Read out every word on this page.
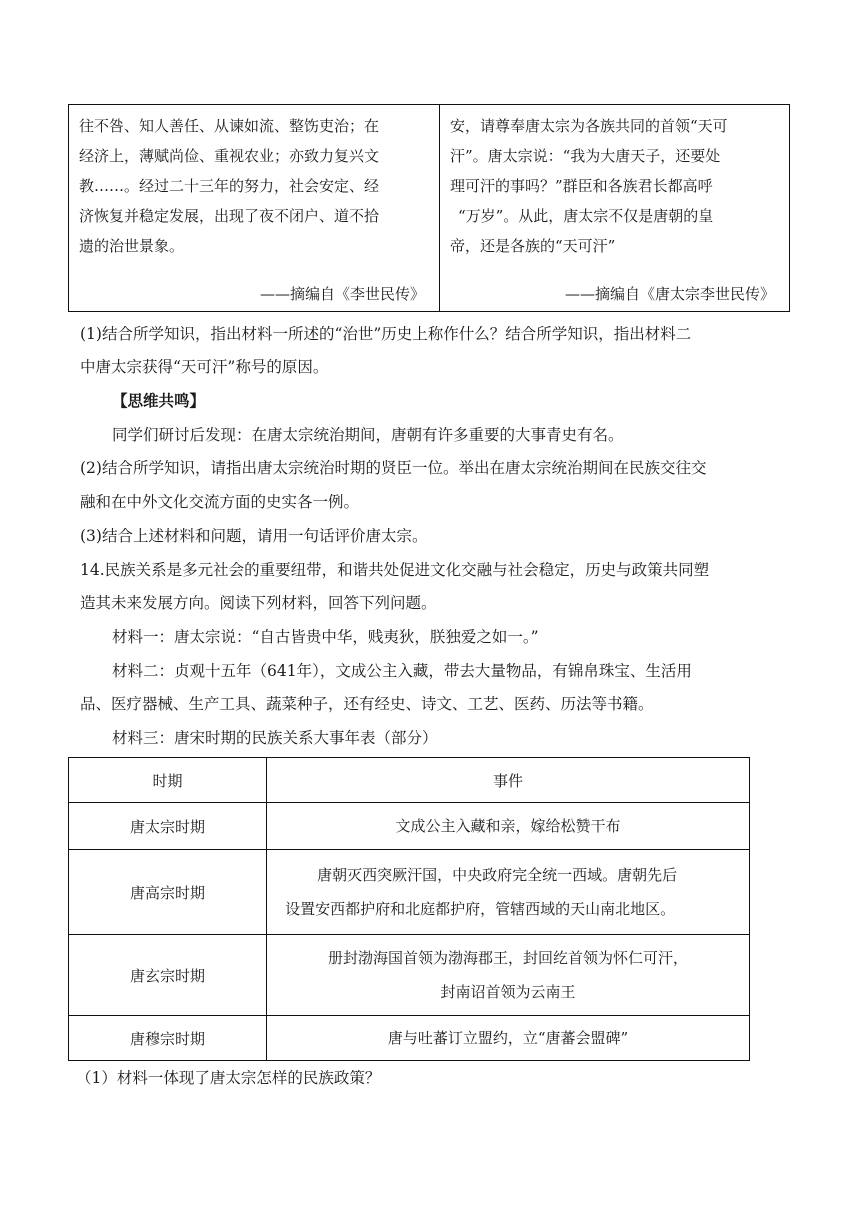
往不咎、知人善任、从谏如流、整饬吏治；在
经济上，薄赋尚俭、重视农业；亦致力复兴文
教……。经过二十三年的努力，社会安定、经
济恢复并稳定发展，出现了夜不闭户、道不拾
遗的治世景象。
——摘编自《李世民传》
安，请尊奉唐太宗为各族共同的首领“天可
汗”。唐太宗说：“我为大唐天子，还要处
理可汗的事吗？”群臣和各族君长都高呼
“万岁”。从此，唐太宗不仅是唐朝的皇
帝，还是各族的“天可汗”
——摘编自《唐太宗李世民传》
(1)结合所学知识，指出材料一所述的“治世”历史上称作什么？结合所学知识，指出材料二
中唐太宗获得“天可汗”称号的原因。
【思维共鸣】
同学们研讨后发现：在唐太宗统治期间，唐朝有许多重要的大事青史有名。
(2)结合所学知识，请指出唐太宗统治时期的贤臣一位。举出在唐太宗统治期间在民族交往交
融和在中外文化交流方面的史实各一例。
(3)结合上述材料和问题，请用一句话评价唐太宗。
14.民族关系是多元社会的重要纽带，和谐共处促进文化交融与社会稳定，历史与政策共同塑
造其未来发展方向。阅读下列材料，回答下列问题。
材料一：唐太宗说：“自古皆贵中华，贱夷狄，朕独爱之如一。”
材料二：贞观十五年（641年），文成公主入藏，带去大量物品，有锦帛珠宝、生活用
品、医疗器械、生产工具、蔬菜种子，还有经史、诗文、工艺、医药、历法等书籍。
材料三：唐宋时期的民族关系大事年表（部分）
时期	事件
唐太宗时期	文成公主入藏和亲，嫁给松赞干布

唐高宗时期	唐朝灭西突厥汗国，中央政府完全统一西域。唐朝先后
设置安西都护府和北庭都护府，管辖西域的天山南北地区。

唐玄宗时期	册封渤海国首领为渤海郡王，封回纥首领为怀仁可汗，
封南诏首领为云南王

唐穆宗时期	唐与吐蕃订立盟约，立“唐蕃会盟碑”
（1）材料一体现了唐太宗怎样的民族政策？
